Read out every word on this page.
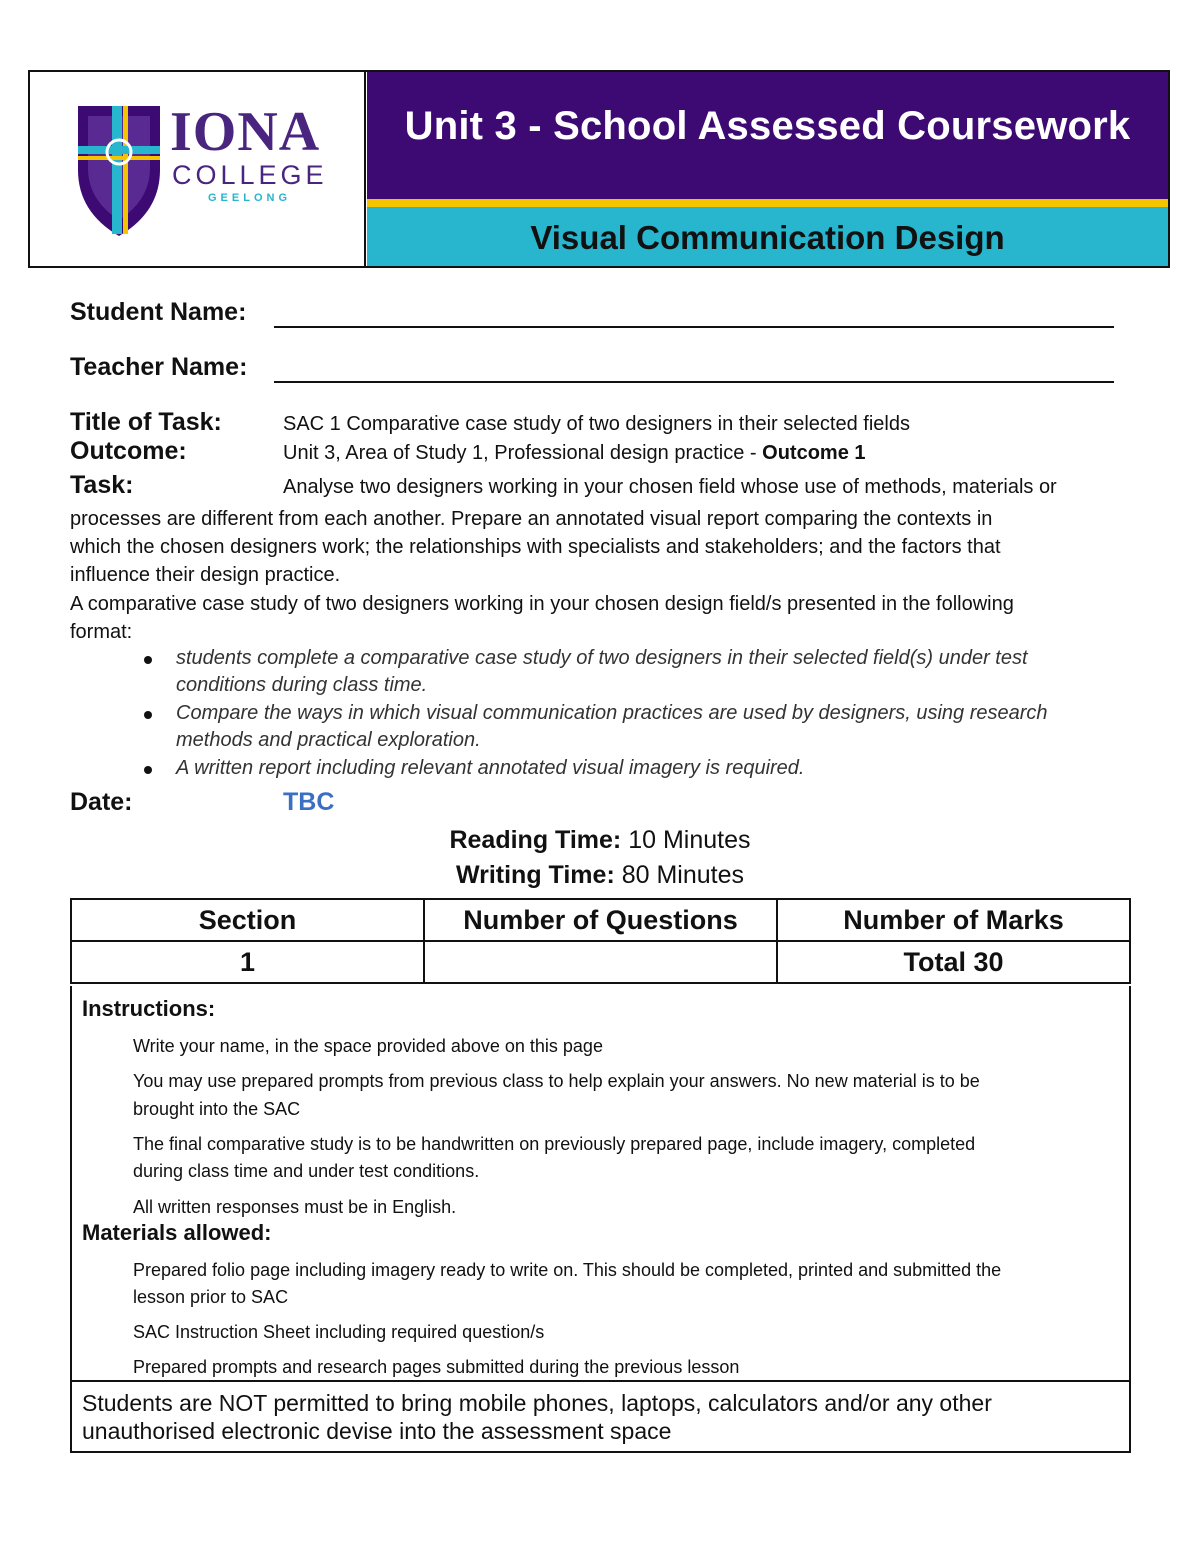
IONA
COLLEGE
GEELONG
Unit 3 - School Assessed Coursework
Visual Communication Design
Student Name:
Teacher Name:
Title of Task:	SAC 1 Comparative case study of two designers in their selected fields
Outcome:	Unit 3, Area of Study 1, Professional design practice - Outcome 1
Task:	Analyse two designers working in your chosen field whose use of methods, materials or
processes are different from each another. Prepare an annotated visual report comparing the contexts in
which the chosen designers work; the relationships with specialists and stakeholders; and the factors that
influence their design practice.
A comparative case study of two designers working in your chosen design field/s presented in the following
format:
students complete a comparative case study of two designers in their selected field(s) under test
conditions during class time.
Compare the ways in which visual communication practices are used by designers, using research
methods and practical exploration.
A written report including relevant annotated visual imagery is required.
Date:	TBC
Reading Time: 10 Minutes
Writing Time: 80 Minutes
Section	Number of Questions	Number of Marks
1		Total 30
Instructions:
Write your name, in the space provided above on this page
You may use prepared prompts from previous class to help explain your answers. No new material is to be
brought into the SAC
The final comparative study is to be handwritten on previously prepared page, include imagery, completed
during class time and under test conditions.
All written responses must be in English.
Materials allowed:
Prepared folio page including imagery ready to write on. This should be completed, printed and submitted the
lesson prior to SAC
SAC Instruction Sheet including required question/s
Prepared prompts and research pages submitted during the previous lesson
Students are NOT permitted to bring mobile phones, laptops, calculators and/or any other
unauthorised electronic devise into the assessment space
